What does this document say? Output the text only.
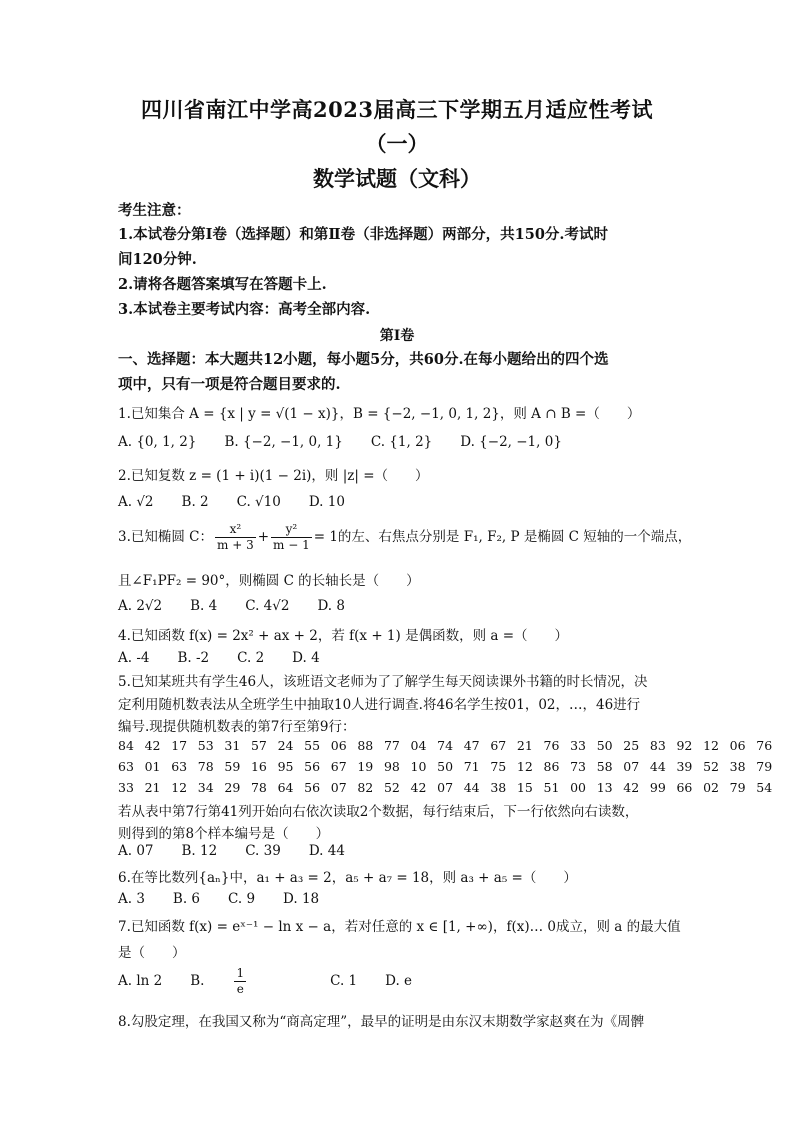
四川省南江中学高2023届高三下学期五月适应性考试
（一）
数学试题（文科）
考生注意：
1.本试卷分第Ⅰ卷（选择题）和第Ⅱ卷（非选择题）两部分，共150分.考试时
间120分钟.
2.请将各题答案填写在答题卡上.
3.本试卷主要考试内容：高考全部内容.
第Ⅰ卷
一、选择题：本大题共12小题，每小题5分，共60分.在每小题给出的四个选
项中，只有一项是符合题目要求的.
1.已知集合 A = {x | y = √(1 − x)}，B = {−2, −1, 0, 1, 2}，则 A ∩ B =（　　）
A. {0, 1, 2} B. {−2, −1, 0, 1} C. {1, 2} D. {−2, −1, 0}
2.已知复数 z = (1 + i)(1 − 2i)，则 |z| =（　　）
A. √2 B. 2 C. √10 D. 10
3.已知椭圆 C： $\frac{\text{x²}}{m + 3} + \frac{\text{y²}}{m - 1} = 1$的左、右焦点分别是 F₁, F₂, P 是椭圆 C 短轴的一个端点，
且∠F₁PF₂ = 90°，则椭圆 C 的长轴长是（　　）
A. 2√2 B. 4 C. 4√2 D. 8
4.已知函数 f(x) = 2x² + ax + 2，若 f(x + 1) 是偶函数，则 a =（　　）
A. -4 B. -2 C. 2 D. 4
5.已知某班共有学生46人，该班语文老师为了了解学生每天阅读课外书籍的时长情况，决
定利用随机数表法从全班学生中抽取10人进行调查.将46名学生按01，02，…，46进行
编号.现提供随机数表的第7行至第9行：
84 42 17 53 31 57 24 55 06 88 77 04 74 47 67 21 76 33 50 25 83 92 12 06 76
63 01 63 78 59 16 95 56 67 19 98 10 50 71 75 12 86 73 58 07 44 39 52 38 79
33 21 12 34 29 78 64 56 07 82 52 42 07 44 38 15 51 00 13 42 99 66 02 79 54
若从表中第7行第41列开始向右依次读取2个数据，每行结束后，下一行依然向右读数，
则得到的第8个样本编号是（　　）
A. 07 B. 12 C. 39 D. 44
6.在等比数列{aₙ}中，a₁ + a₃ = 2，a₅ + a₇ = 18，则 a₃ + a₅ =（　　）
A. 3 B. 6 C. 9 D. 18
7.已知函数 f(x) = eˣ⁻¹ − ln x − a，若对任意的 x ∈ [1, +∞)，f(x)… 0成立，则 a 的最大值
是（　　）
A. ln 2 B.	$\frac{1}{e}$	C. 1 D. e
8.勾股定理，在我国又称为“商高定理”，最早的证明是由东汉末期数学家赵爽在为《周髀
